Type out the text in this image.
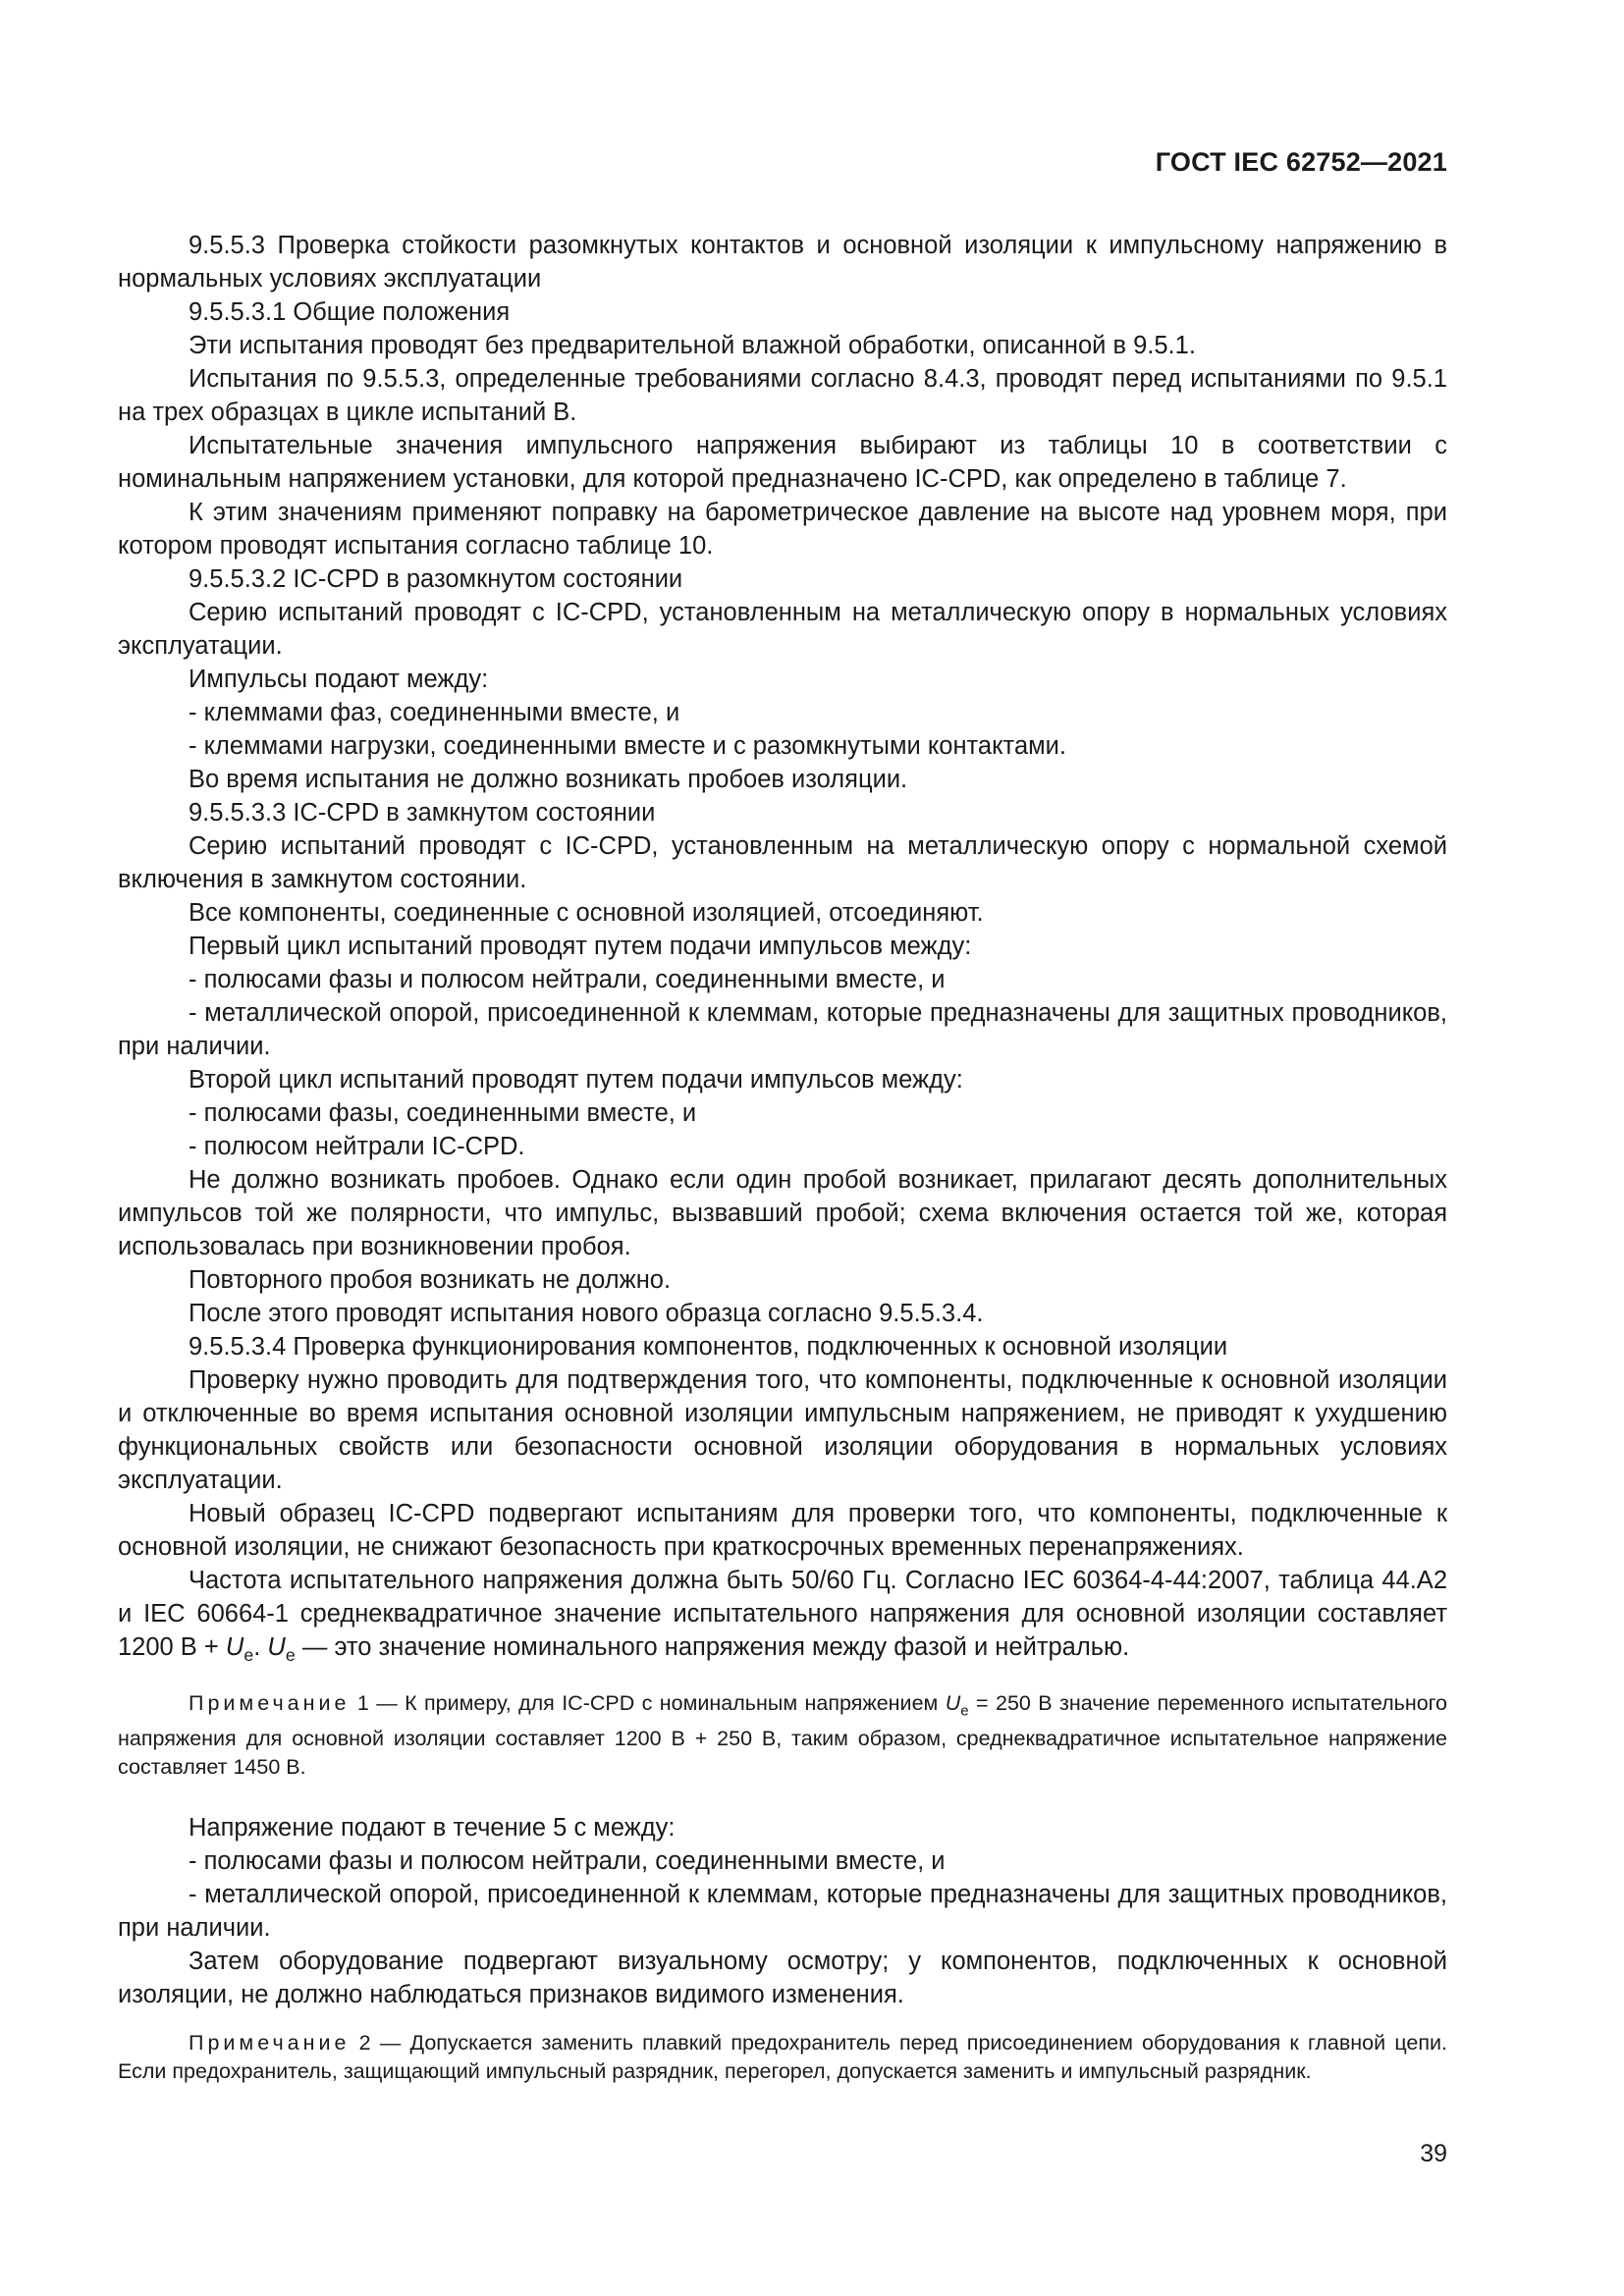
ГОСТ IEC 62752—2021

9.5.5.3 Проверка стойкости разомкнутых контактов и основной изоляции к импульсному напряжению в нормальных условиях эксплуатации

9.5.5.3.1 Общие положения

Эти испытания проводят без предварительной влажной обработки, описанной в 9.5.1.

Испытания по 9.5.5.3, определенные требованиями согласно 8.4.3, проводят перед испытаниями по 9.5.1 на трех образцах в цикле испытаний В.

Испытательные значения импульсного напряжения выбирают из таблицы 10 в соответствии с номинальным напряжением установки, для которой предназначено IC-CPD, как определено в таблице 7.

К этим значениям применяют поправку на барометрическое давление на высоте над уровнем моря, при котором проводят испытания согласно таблице 10.

9.5.5.3.2 IC-CPD в разомкнутом состоянии

Серию испытаний проводят с IC-CPD, установленным на металлическую опору в нормальных условиях эксплуатации.

Импульсы подают между:

- клеммами фаз, соединенными вместе, и

- клеммами нагрузки, соединенными вместе и с разомкнутыми контактами.

Во время испытания не должно возникать пробоев изоляции.

9.5.5.3.3 IC-CPD в замкнутом состоянии

Серию испытаний проводят с IC-CPD, установленным на металлическую опору с нормальной схемой включения в замкнутом состоянии.

Все компоненты, соединенные с основной изоляцией, отсоединяют.

Первый цикл испытаний проводят путем подачи импульсов между:

- полюсами фазы и полюсом нейтрали, соединенными вместе, и

- металлической опорой, присоединенной к клеммам, которые предназначены для защитных проводников, при наличии.

Второй цикл испытаний проводят путем подачи импульсов между:

- полюсами фазы, соединенными вместе, и

- полюсом нейтрали IC-CPD.

Не должно возникать пробоев. Однако если один пробой возникает, прилагают десять дополнительных импульсов той же полярности, что импульс, вызвавший пробой; схема включения остается той же, которая использовалась при возникновении пробоя.

Повторного пробоя возникать не должно.

После этого проводят испытания нового образца согласно 9.5.5.3.4.

9.5.5.3.4 Проверка функционирования компонентов, подключенных к основной изоляции

Проверку нужно проводить для подтверждения того, что компоненты, подключенные к основной изоляции и отключенные во время испытания основной изоляции импульсным напряжением, не приводят к ухудшению функциональных свойств или безопасности основной изоляции оборудования в нормальных условиях эксплуатации.

Новый образец IC-CPD подвергают испытаниям для проверки того, что компоненты, подключенные к основной изоляции, не снижают безопасность при краткосрочных временных перенапряжениях.

Частота испытательного напряжения должна быть 50/60 Гц. Согласно IEC 60364-4-44:2007, таблица 44.А2 и IEC 60664-1 среднеквадратичное значение испытательного напряжения для основной изоляции составляет 1200 $В + U_e$. $U_e$ — это значение номинального напряжения между фазой и нейтралью.

Примечание 1 — К примеру, для IC-CPD с номинальным напряжением $U_e = 250$ В значение переменного испытательного напряжения для основной изоляции составляет 1200 В + 250 В, таким образом, среднеквадратичное испытательное напряжение составляет 1450 В.

Напряжение подают в течение 5 с между:

- полюсами фазы и полюсом нейтрали, соединенными вместе, и

- металлической опорой, присоединенной к клеммам, которые предназначены для защитных проводников, при наличии.

Затем оборудование подвергают визуальному осмотру; у компонентов, подключенных к основной изоляции, не должно наблюдаться признаков видимого изменения.

Примечание 2 — Допускается заменить плавкий предохранитель перед присоединением оборудования к главной цепи. Если предохранитель, защищающий импульсный разрядник, перегорел, допускается заменить и импульсный разрядник.

39
